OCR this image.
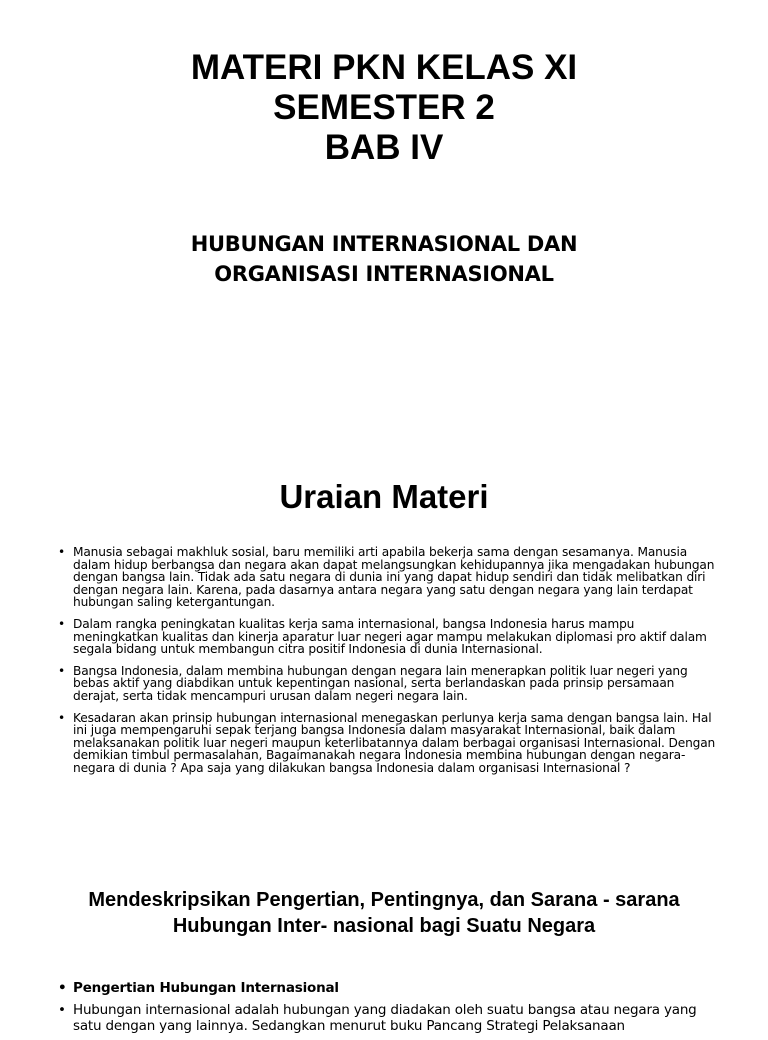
MATERI PKN KELAS XI
SEMESTER 2
BAB IV
HUBUNGAN INTERNASIONAL DAN
ORGANISASI INTERNASIONAL
Uraian Materi
• Manusia sebagai makhluk sosial, baru memiliki arti apabila bekerja sama dengan sesamanya. Manusia dalam hidup berbangsa dan negara akan dapat melangsungkan kehidupannya jika mengadakan hubungan dengan bangsa lain. Tidak ada satu negara di dunia ini yang dapat hidup sendiri dan tidak melibatkan diri dengan negara lain. Karena, pada dasarnya antara negara yang satu dengan negara yang lain terdapat hubungan saling ketergantungan.
• Dalam rangka peningkatan kualitas kerja sama internasional, bangsa Indonesia harus mampu meningkatkan kualitas dan kinerja aparatur luar negeri agar mampu melakukan diplomasi pro aktif dalam segala bidang untuk membangun citra positif Indonesia di dunia Internasional.
• Bangsa Indonesia, dalam membina hubungan dengan negara lain menerapkan politik luar negeri yang bebas aktif yang diabdikan untuk kepentingan nasional, serta berlandaskan pada prinsip persamaan derajat, serta tidak mencampuri urusan dalam negeri negara lain.
• Kesadaran akan prinsip hubungan internasional menegaskan perlunya kerja sama dengan bangsa lain. Hal ini juga mempengaruhi sepak terjang bangsa Indonesia dalam masyarakat Internasional, baik dalam melaksanakan politik luar negeri maupun keterlibatannya dalam berbagai organisasi Internasional. Dengan demikian timbul permasalahan, Bagaimanakah negara Indonesia membina hubungan dengan negara-negara di dunia ? Apa saja yang dilakukan bangsa Indonesia dalam organisasi Internasional ?
Mendeskripsikan Pengertian, Pentingnya, dan Sarana - sarana Hubungan Inter- nasional bagi Suatu Negara
• Pengertian Hubungan Internasional
• Hubungan internasional adalah hubungan yang diadakan oleh suatu bangsa atau negara yang satu dengan yang lainnya. Sedangkan menurut buku Pancang Strategi Pelaksanaan
